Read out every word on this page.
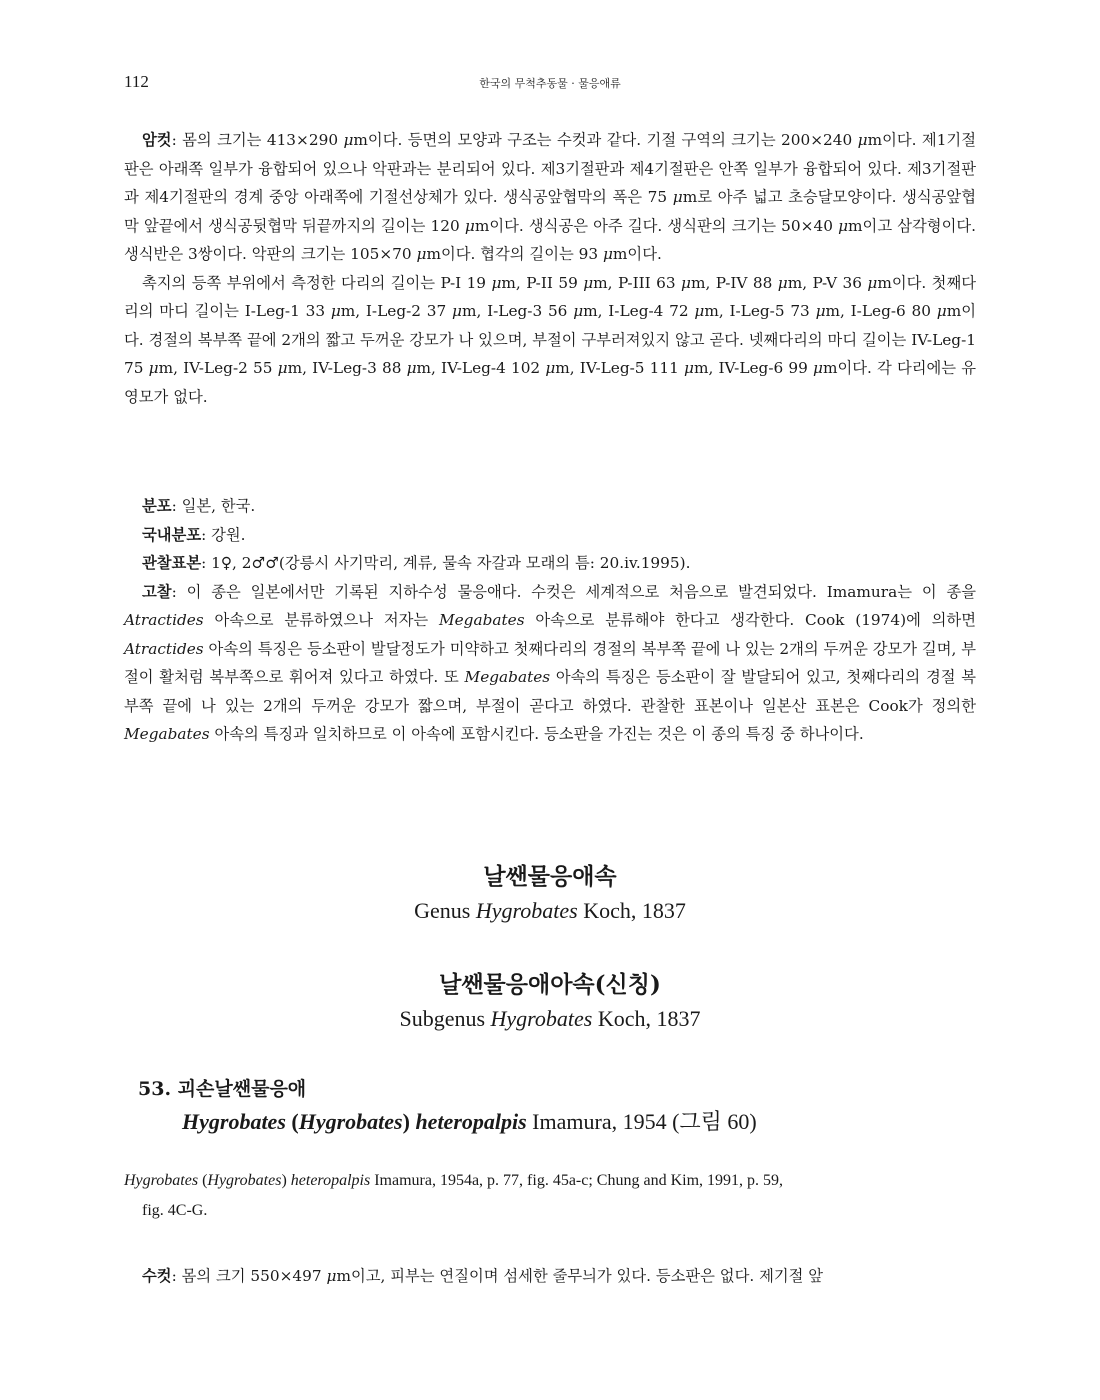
112	한국의 무척추동물 · 물응애류

암컷: 몸의 크기는 413×290 μm이다. 등면의 모양과 구조는 수컷과 같다. 기절 구역의 크기는 200×240 μm이다. 제1기절판은 아래쪽 일부가 융합되어 있으나 악판과는 분리되어 있다. 제3기절판과 제4기절판은 안쪽 일부가 융합되어 있다. 제3기절판과 제4기절판의 경계 중앙 아래쪽에 기절선상체가 있다. 생식공앞협막의 폭은 75 μm로 아주 넓고 초승달모양이다. 생식공앞협막 앞끝에서 생식공뒷협막 뒤끝까지의 길이는 120 μm이다. 생식공은 아주 길다. 생식판의 크기는 50×40 μm이고 삼각형이다. 생식반은 3쌍이다. 악판의 크기는 105×70 μm이다. 협각의 길이는 93 μm이다.

촉지의 등쪽 부위에서 측정한 다리의 길이는 P-I 19 μm, P-II 59 μm, P-III 63 μm, P-IV 88 μm, P-V 36 μm이다. 첫째다리의 마디 길이는 I-Leg-1 33 μm, I-Leg-2 37 μm, I-Leg-3 56 μm, I-Leg-4 72 μm, I-Leg-5 73 μm, I-Leg-6 80 μm이다. 경절의 복부쪽 끝에 2개의 짧고 두꺼운 강모가 나 있으며, 부절이 구부러져있지 않고 곧다. 넷째다리의 마디 길이는 IV-Leg-1 75 μm, IV-Leg-2 55 μm, IV-Leg-3 88 μm, IV-Leg-4 102 μm, IV-Leg-5 111 μm, IV-Leg-6 99 μm이다. 각 다리에는 유영모가 없다.

분포: 일본, 한국.

국내분포: 강원.

관찰표본: 1♀, 2♂♂(강릉시 사기막리, 계류, 물속 자갈과 모래의 틈: 20.iv.1995).

고찰: 이 종은 일본에서만 기록된 지하수성 물응애다. 수컷은 세계적으로 처음으로 발견되었다. Imamura는 이 종을 Atractides 아속으로 분류하였으나 저자는 Megabates 아속으로 분류해야 한다고 생각한다. Cook (1974)에 의하면 Atractides 아속의 특징은 등소판이 발달정도가 미약하고 첫째다리의 경절의 복부쪽 끝에 나 있는 2개의 두꺼운 강모가 길며, 부절이 활처럼 복부쪽으로 휘어져 있다고 하였다. 또 Megabates 아속의 특징은 등소판이 잘 발달되어 있고, 첫째다리의 경절 복부쪽 끝에 나 있는 2개의 두꺼운 강모가 짧으며, 부절이 곧다고 하였다. 관찰한 표본이나 일본산 표본은 Cook가 정의한 Megabates 아속의 특징과 일치하므로 이 아속에 포함시킨다. 등소판을 가진는 것은 이 종의 특징 중 하나이다.

날쌘물응애속
Genus Hygrobates Koch, 1837
날쌘물응애아속(신칭)
Subgenus Hygrobates Koch, 1837
53. 괴손날쌘물응애
Hygrobates (Hygrobates) heteropalpis Imamura, 1954 (그림 60)
Hygrobates (Hygrobates) heteropalpis Imamura, 1954a, p. 77, fig. 45a-c; Chung and Kim, 1991, p. 59,
fig. 4C-G.

수컷: 몸의 크기 550×497 μm이고, 피부는 연질이며 섬세한 줄무늬가 있다. 등소판은 없다. 제기절 앞
